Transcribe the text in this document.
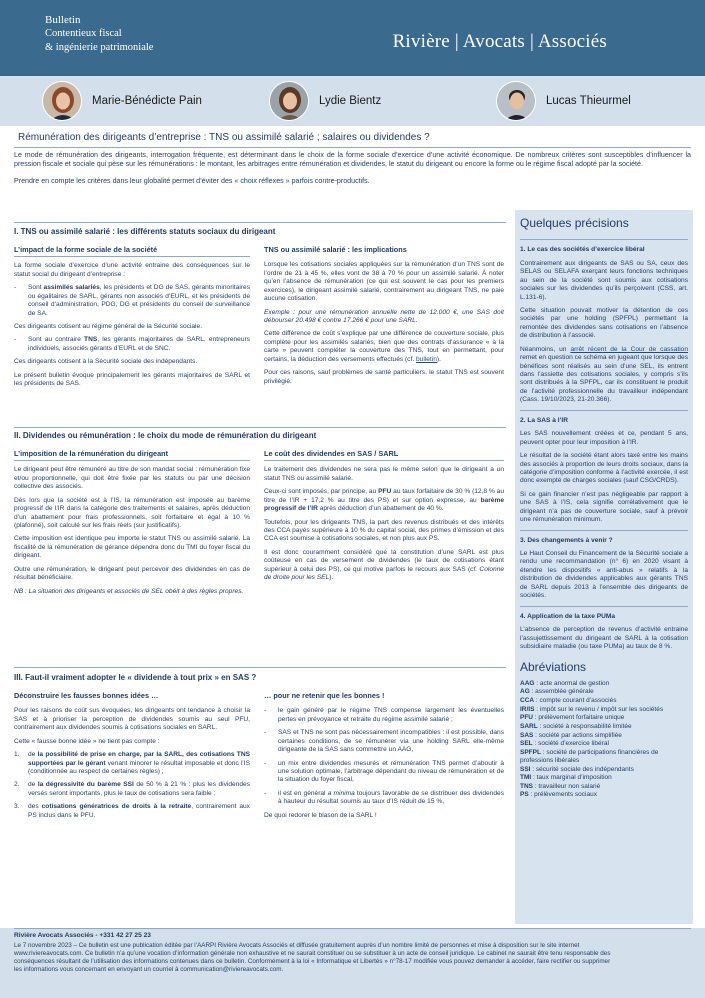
Bulletin
Contentieux fiscal
& ingénierie patrimoniale	Rivière | Avocats | Associés
Marie-Bénédicte Pain	Lydie Bientz	Lucas Thieurmel
Rémunération des dirigeants d’entreprise : TNS ou assimilé salarié ; salaires ou dividendes ?

Le mode de rémunération des dirigeants, interrogation fréquente, est déterminant dans le choix de la forme sociale d’exercice d’une activité économique. De nombreux critères sont susceptibles d’influencer la pression fiscale et sociale qui pèse sur les rémunérations : le montant, les arbitrages entre rémunération et dividendes, le statut du dirigeant ou encore la forme ou le régime fiscal adopté par la société.

Prendre en compte les critères dans leur globalité permet d’éviter des « choix réflexes » parfois contre-productifs.

I. TNS ou assimilé salarié : les différents statuts sociaux du dirigeant
L’impact de la forme sociale de la société

La forme sociale d’exercice d’une activité entraine des conséquences sur le statut social du dirigeant d’entreprise :

- Sont assimilés salariés, les présidents et DG de SAS, gérants minoritaires ou égalitaires de SARL, gérants non associés d’EURL, et les présidents de conseil d’administration, PDG, DG et présidents du conseil de surveillance de SA.

Ces dirigeants cotisent au régime général de la Sécurité sociale.

- Sont au contraire TNS, les gérants majoritaires de SARL, entrepreneurs individuels, associés gérants d’EURL et de SNC.

Ces dirigeants cotisent à la Sécurité sociale des indépendants.

Le présent bulletin évoque principalement les gérants majoritaires de SARL et les présidents de SAS.

TNS ou assimilé salarié : les implications

Lorsque les cotisations sociales appliquées sur la rémunération d’un TNS sont de l’ordre de 21 à 45 %, elles vont de 38 à 70 % pour un assimilé salarié. À noter qu’en l’absence de rémunération (ce qui est souvent le cas pour les premiers exercices), le dirigeant assimilé salarié, contrairement au dirigeant TNS, ne paie aucune cotisation.

Exemple : pour une rémunération annuelle nette de 12.000 €, une SAS doit débourser 20.498 € contre 17.266 € pour une SARL.

Cette différence de coût s’explique par une différence de couverture sociale, plus complète pour les assimilés salariés, bien que des contrats d’assurance « à la carte » peuvent compléter la couverture des TNS, tout en permettant, pour certains, la déduction des versements effectués (cf. bulletin).

Pour ces raisons, sauf problèmes de santé particuliers, le statut TNS est souvent privilégié.

II. Dividendes ou rémunération : le choix du mode de rémunération du dirigeant
L’imposition de la rémunération du dirigeant

Le dirigeant peut être rémunéré au titre de son mandat social : rémunération fixe et/ou proportionnelle, qui doit être fixée par les statuts ou par une décision collective des associés.

Dès lors que la société est à l’IS, la rémunération est imposée au barème progressif de l’IR dans la catégorie des traitements et salaires, après déduction d’un abattement pour frais professionnels, soit forfaitaire et égal à 10 % (plafonné), soit calculé sur les frais réels (sur justificatifs).

Cette imposition est identique peu importe le statut TNS ou assimilé salarié. La fiscalité de la rémunération de gérance dépendra donc du TMI du foyer fiscal du dirigeant.

Outre une rémunération, le dirigeant peut percevoir des dividendes en cas de résultat bénéficiaire.

NB : La situation des dirigeants et associés de SEL obéit à des règles propres.

Le coût des dividendes en SAS / SARL

Le traitement des dividendes ne sera pas le même selon que le dirigeant a un statut TNS ou assimilé salarié.

Ceux-ci sont imposés, par principe, au PFU au taux forfaitaire de 30 % (12,8 % au titre de l’IR + 17,2 % au titre des PS) et sur option expresse, au barème progressif de l’IR après déduction d’un abattement de 40 %.

Toutefois, pour les dirigeants TNS, la part des revenus distribués et des intérêts des CCA payés supérieure à 10 % du capital social, des primes d’émission et des CCA est soumise à cotisations sociales, et non plus aux PS.

Il est donc couramment considéré que la constitution d’une SARL est plus coûteuse en cas de versement de dividendes (le taux de cotisations étant supérieur à celui des PS), ce qui motive parfois le recours aux SAS (cf. Colonne de droite pour les SEL).

III. Faut-il vraiment adopter le « dividende à tout prix » en SAS ?
Déconstruire les fausses bonnes idées …

Pour les raisons de coût sus évoquées, les dirigeants ont tendance à choisir la SAS et à prioriser la perception de dividendes soumis au seul PFU, contrairement aux dividendes soumis à cotisations sociales en SARL.

Cette « fausse bonne idée » ne tient pas compte :

1. de la possibilité de prise en charge, par la SARL, des cotisations TNS supportées par le gérant venant minorer le résultat imposable et donc l’IS (conditionnée au respect de certaines règles) ;
2. de la dégressivité du barème SSI de 50 % à 21 % : plus les dividendes versés seront importants, plus le taux de cotisations sera faible ;
3. des cotisations génératrices de droits à la retraite, contrairement aux PS inclus dans le PFU.
… pour ne retenir que les bonnes !
- le gain généré par le régime TNS compense largement les éventuelles pertes en prévoyance et retraite du régime assimilé salarié ;
- SAS et TNS ne sont pas nécessairement incompatibles : il est possible, dans certaines conditions, de se rémunérer via une holding SARL elle-même dirigeante de la SAS sans commettre un AAG,
- un mix entre dividendes mesurés et rémunération TNS permet d’aboutir à une solution optimale, l’arbitrage dépendant du niveau de rémunération et de la situation du foyer fiscal,
- il est en général a minima toujours favorable de se distribuer des dividendes à hauteur du résultat soumis au taux d’IS réduit de 15 %,

De quoi redorer le blason de la SARL !

Quelques précisions
1. Le cas des sociétés d’exercice libéral

Contrairement aux dirigeants de SAS ou SA, ceux des SELAS ou SELAFA exerçant leurs fonctions techniques au sein de la société sont soumis aux cotisations sociales sur les dividendes qu’ils perçoivent (CSS, art. L.131-6).

Cette situation pouvait motiver la détention de ces sociétés par une holding (SPFPL) permettant la remontée des dividendes sans cotisations en l’absence de distribution à l’associé.

Néanmoins, un arrêt récent de la Cour de cassation remet en question ce schéma en jugeant que lorsque des bénéfices sont réalisés au sein d’une SEL, ils entrent dans l’assiette des cotisations sociales, y compris s’ils sont distribués à la SPFPL, car ils constituent le produit de l’activité professionnelle du travailleur indépendant (Cass. 19/10/2023, 21-20.366).

2. La SAS à l’IR

Les SAS nouvellement créées et ce, pendant 5 ans, peuvent opter pour leur imposition à l’IR.

Le résultat de la société étant alors taxé entre les mains des associés à proportion de leurs droits sociaux, dans la catégorie d’imposition conforme à l’activité exercée, il est donc exempté de charges sociales (sauf CSG/CRDS).

Si ce gain financier n’est pas négligeable par rapport à une SAS à l’IS, cela signifie corrélativement que le dirigeant n’a pas de couverture sociale, sauf à prévoir une rémunération minimum.

3. Des changements à venir ?

Le Haut Conseil du Financement de la Sécurité sociale a rendu une recommandation (n° 6) en 2020 visant à étendre les dispositifs « anti-abus » relatifs à la distribution de dividendes applicables aux gérants TNS de SARL depuis 2013 à l’ensemble des dirigeants de sociétés.

4. Application de la taxe PUMa

L’absence de perception de revenus d’activité entraine l’assujettissement du dirigeant de SARL à la cotisation subsidiaire maladie (ou taxe PUMa) au taux de 8 %.

Abréviations
AAG : acte anormal de gestion
AG : assemblée générale
CCA : compte courant d’associés
IR/IS : impôt sur le revenu / impôt sur les sociétés
PFU : prélèvement forfaitaire unique
SARL : société à responsabilité limitée
SAS : société par actions simplifiée
SEL : société d’exercice libéral
SPFPL : société de participations financières de professions libérales
SSI : sécurité sociale des indépendants
TMI : taux marginal d’imposition
TNS : travailleur non salarié
PS : prélèvements sociaux
Rivière Avocats Associés - +331 42 27 25 23
Le 7 novembre 2023 – Ce bulletin est une publication éditée par l’AARPI Rivière Avocats Associés et diffusée gratuitement auprès d’un nombre limité de personnes et mise à disposition sur le site internet www.riviereavocats.com. Ce bulletin n’a qu’une vocation d’information générale non exhaustive et ne saurait constituer ou se substituer à un acte de conseil juridique. Le cabinet ne saurait être tenu responsable des conséquences résultant de l’utilisation des informations contenues dans ce bulletin. Conformément à la loi « Informatique et Libertés » n°78-17 modifiée vous pouvez demander à accéder, faire rectifier ou supprimer les informations vous concernant en envoyant un courriel à communication@riviereavocats.com.
